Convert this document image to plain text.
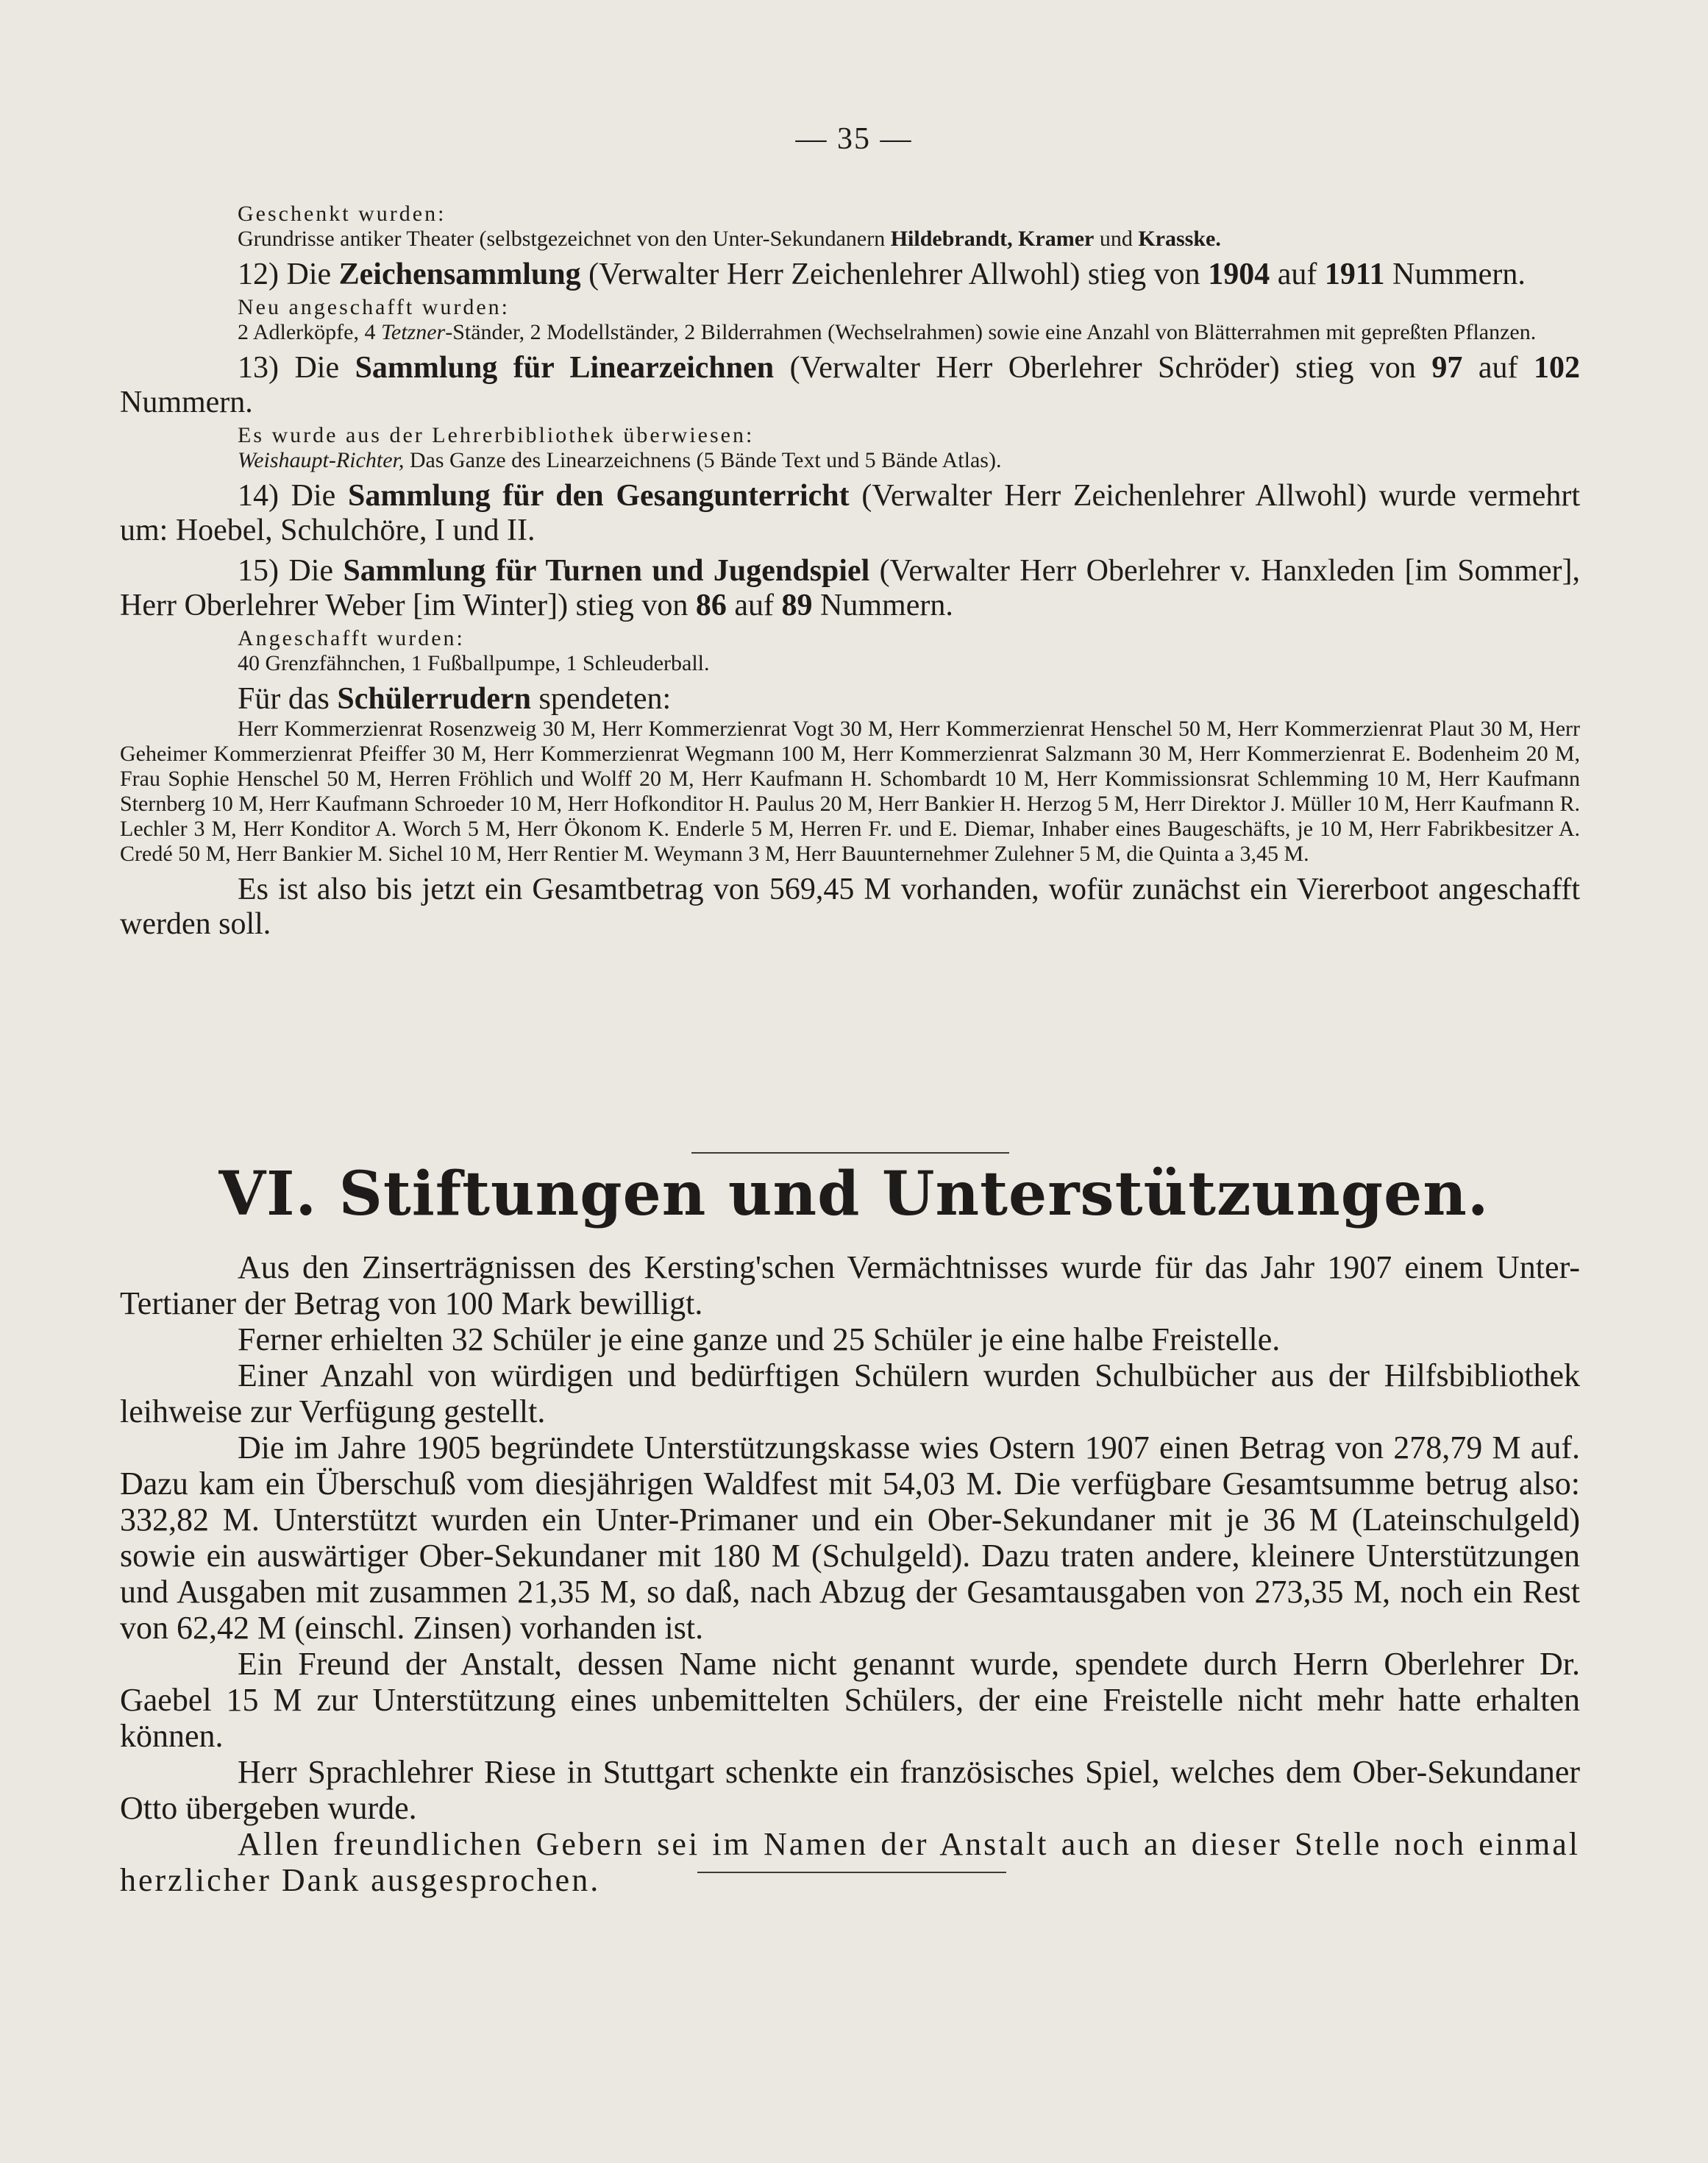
— 35 —

Geschenkt wurden:

Grundrisse antiker Theater (selbstgezeichnet von den Unter-Sekundanern Hildebrandt, Kramer und Krasske.

12) Die Zeichensammlung (Verwalter Herr Zeichenlehrer Allwohl) stieg von 1904 auf 1911 Nummern.

Neu angeschafft wurden:

2 Adlerköpfe, 4 Tetzner-Ständer, 2 Modellständer, 2 Bilderrahmen (Wechselrahmen) sowie eine Anzahl von Blätterrahmen mit gepreßten Pflanzen.

13) Die Sammlung für Linearzeichnen (Verwalter Herr Oberlehrer Schröder) stieg von 97 auf 102 Nummern.

Es wurde aus der Lehrerbibliothek überwiesen:

Weishaupt-Richter, Das Ganze des Linearzeichnens (5 Bände Text und 5 Bände Atlas).

14) Die Sammlung für den Gesangunterricht (Verwalter Herr Zeichenlehrer Allwohl) wurde vermehrt um: Hoebel, Schulchöre, I und II.

15) Die Sammlung für Turnen und Jugendspiel (Verwalter Herr Oberlehrer v. Hanxleden [im Sommer], Herr Oberlehrer Weber [im Winter]) stieg von 86 auf 89 Nummern.

Angeschafft wurden:

40 Grenzfähnchen, 1 Fußballpumpe, 1 Schleuderball.

Für das Schülerrudern spendeten:

Herr Kommerzienrat Rosenzweig 30 M, Herr Kommerzienrat Vogt 30 M, Herr Kommerzienrat Henschel 50 M, Herr Kommerzienrat Plaut 30 M, Herr Geheimer Kommerzienrat Pfeiffer 30 M, Herr Kommerzienrat Wegmann 100 M, Herr Kommerzienrat Salzmann 30 M, Herr Kommerzienrat E. Bodenheim 20 M, Frau Sophie Henschel 50 M, Herren Fröhlich und Wolff 20 M, Herr Kaufmann H. Schombardt 10 M, Herr Kommissionsrat Schlemming 10 M, Herr Kaufmann Sternberg 10 M, Herr Kaufmann Schroeder 10 M, Herr Hofkonditor H. Paulus 20 M, Herr Bankier H. Herzog 5 M, Herr Direktor J. Müller 10 M, Herr Kaufmann R. Lechler 3 M, Herr Konditor A. Worch 5 M, Herr Ökonom K. Enderle 5 M, Herren Fr. und E. Diemar, Inhaber eines Baugeschäfts, je 10 M, Herr Fabrikbesitzer A. Credé 50 M, Herr Bankier M. Sichel 10 M, Herr Rentier M. Weymann 3 M, Herr Bauunternehmer Zulehner 5 M, die Quinta a 3,45 M.

Es ist also bis jetzt ein Gesamtbetrag von 569,45 M vorhanden, wofür zunächst ein Viererboot angeschafft werden soll.

VI. Stiftungen und Unterstützungen.

Aus den Zinserträgnissen des Kersting'schen Vermächtnisses wurde für das Jahr 1907 einem Unter-Tertianer der Betrag von 100 Mark bewilligt.

Ferner erhielten 32 Schüler je eine ganze und 25 Schüler je eine halbe Freistelle.

Einer Anzahl von würdigen und bedürftigen Schülern wurden Schulbücher aus der Hilfsbibliothek leihweise zur Verfügung gestellt.

Die im Jahre 1905 begründete Unterstützungskasse wies Ostern 1907 einen Betrag von 278,79 M auf. Dazu kam ein Überschuß vom diesjährigen Waldfest mit 54,03 M. Die verfügbare Gesamtsumme betrug also: 332,82 M. Unterstützt wurden ein Unter-Primaner und ein Ober-Sekundaner mit je 36 M (Lateinschulgeld) sowie ein auswärtiger Ober-Sekundaner mit 180 M (Schulgeld). Dazu traten andere, kleinere Unterstützungen und Ausgaben mit zusammen 21,35 M, so daß, nach Abzug der Gesamtausgaben von 273,35 M, noch ein Rest von 62,42 M (einschl. Zinsen) vorhanden ist.

Ein Freund der Anstalt, dessen Name nicht genannt wurde, spendete durch Herrn Oberlehrer Dr. Gaebel 15 M zur Unterstützung eines unbemittelten Schülers, der eine Freistelle nicht mehr hatte erhalten können.

Herr Sprachlehrer Riese in Stuttgart schenkte ein französisches Spiel, welches dem Ober-Sekundaner Otto übergeben wurde.

Allen freundlichen Gebern sei im Namen der Anstalt auch an dieser Stelle noch einmal herzlicher Dank ausgesprochen.
